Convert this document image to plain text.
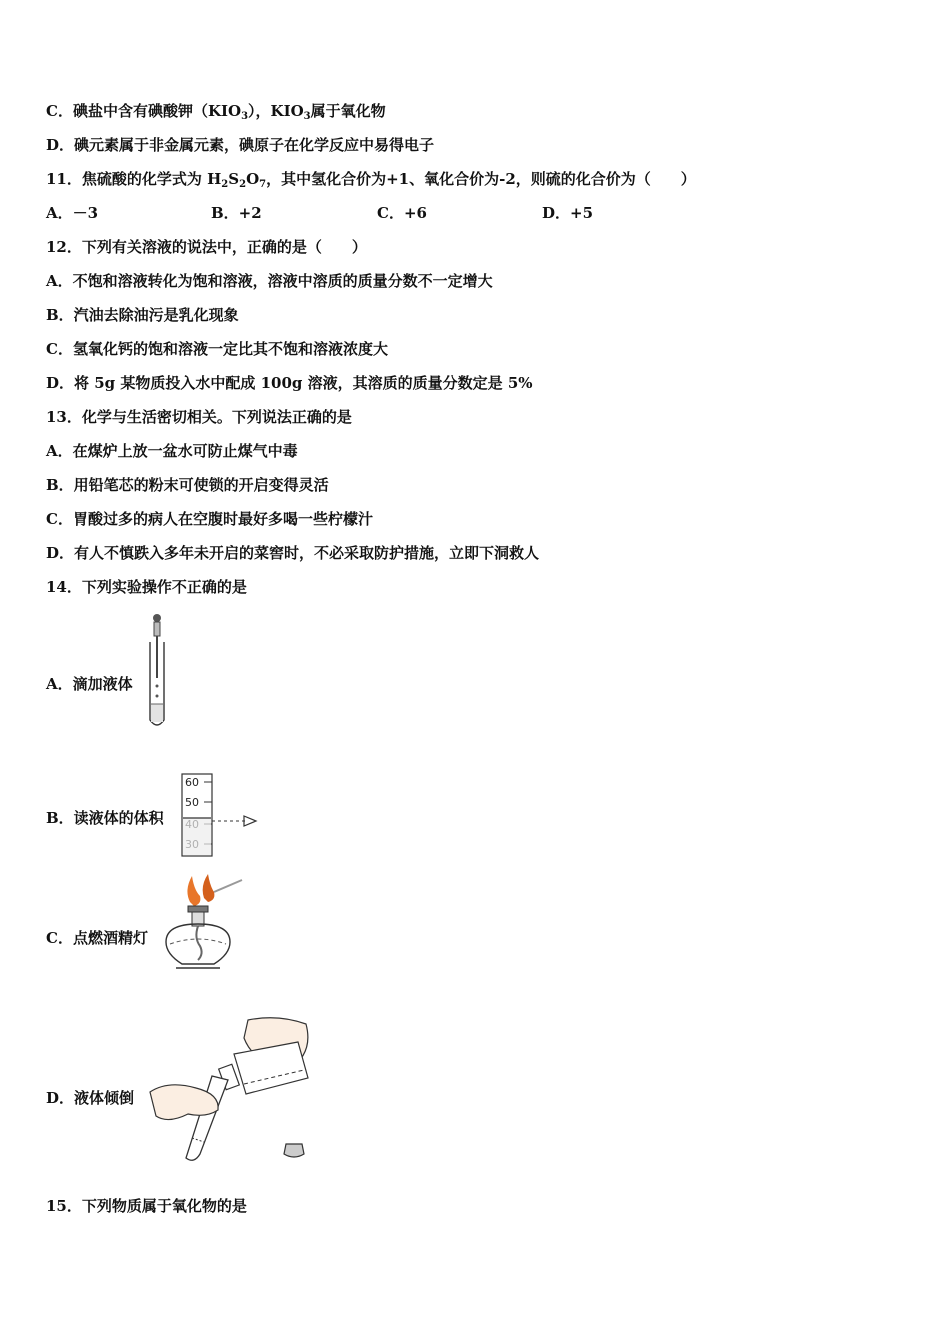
C．碘盐中含有碘酸钾$(KIO_3)$，$KIO_3$属于氧化物
D．碘元素属于非金属元素，碘原子在化学反应中易得电子
11．焦硫酸的化学式为 $H_2S_2O_7$，其中氢化合价为+1、氧化合价为-2，则硫的化合价为（　　）
A．－3	B．+2	C．+6	D．+5
12．下列有关溶液的说法中，正确的是（　　）
A．不饱和溶液转化为饱和溶液，溶液中溶质的质量分数不一定增大
B．汽油去除油污是乳化现象
C．氢氧化钙的饱和溶液一定比其不饱和溶液浓度大
D．将 5g 某物质投入水中配成 100g 溶液，其溶质的质量分数定是 5%
13．化学与生活密切相关。下列说法正确的是
A．在煤炉上放一盆水可防止煤气中毒
B．用铅笔芯的粉末可使锁的开启变得灵活
C．胃酸过多的病人在空腹时最好多喝一些柠檬汁
D．有人不慎跌入多年未开启的菜窖时，不必采取防护措施，立即下洞救人
14．下列实验操作不正确的是
A．滴加液体
B．读液体的体积
60
50
C．点燃酒精灯
D．液体倾倒
15．下列物质属于氧化物的是
